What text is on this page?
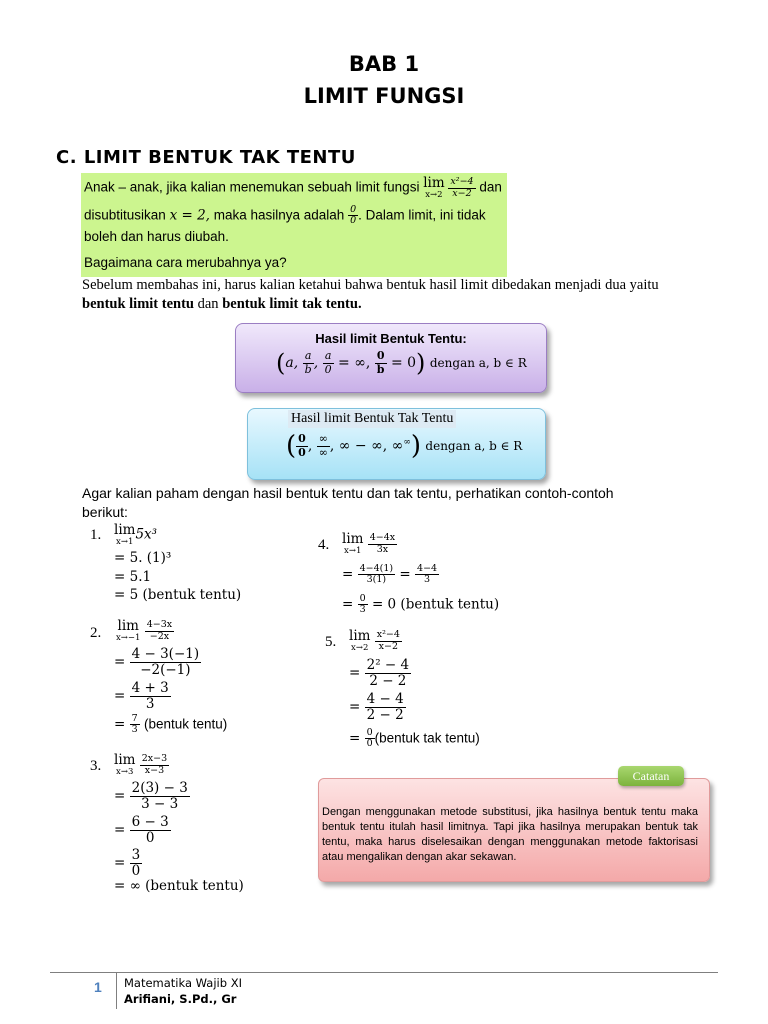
BAB 1
LIMIT FUNGSI
C. LIMIT BENTUK TAK TENTU
Anak – anak, jika kalian menemukan sebuah limit fungsi lim
x→2
$\frac{\text{x²−4}}{x-2}$ dan
disubtitusikan x = 2, maka hasilnya adalah $\frac{0}{0}$ . Dalam limit, ini tidak
boleh dan harus diubah.
Bagaimana cara merubahnya ya?
Sebelum membahas ini, harus kalian ketahui bahwa bentuk hasil limit dibedakan menjadi dua yaitu
bentuk limit tentu dan bentuk limit tak tentu.
Hasil limit Bentuk Tentu:
(a, $\frac{a}{b}$ , $\frac{a}{0}$ = ∞, $\frac{0}{b} = 0$) dengan a, b ∈ R
Hasil limit Bentuk Tak Tentu
( $\frac{0}{0}$ , $\frac{\infty}{\infty}$ , ∞ − ∞, ∞∞) dengan a, b ∈ R
Agar kalian paham dengan hasil bentuk tentu dan tak tentu, perhatikan contoh-contoh
berikut:
1. lim
x→1 5x³
= 5. (1)³
= 5.1
= 5 (bentuk tentu)
2. lim
x→−1
$\frac{4-3x}{-2x}$
= $\frac{4 - 3(-1)}{-2(-1)}$
= $\frac{4 + 3}{3}$
= $\frac{7}{3}$ (bentuk tentu)
3. lim
x→3
$\frac{2x-3}{x-3}$
= $\frac{2(3) - 3}{3 - 3}$
= $\frac{6 - 3}{0}$
= $\frac{3}{0}$
= ∞ (bentuk tentu)
4. lim
x→1
$\frac{4-4x}{3x}$
= $\frac{4-4(1)}{3(1)} = \frac{4-4}{3}$
= $\frac{0}{3} = 0$ (bentuk tentu)
5. lim
x→2
$\frac{\text{x²−4}}{x-2}$
= $\frac{\text{2² − 4}}{2 - 2}$
= $\frac{4 - 4}{2 - 2}$
= $\frac{0}{0}$ (bentuk tak tentu)
Dengan menggunakan metode substitusi, jika hasilnya bentuk tentu maka bentuk tentu itulah hasil limitnya. Tapi jika hasilnya merupakan bentuk tak tentu, maka harus diselesaikan dengan menggunakan metode faktorisasi atau mengalikan dengan akar sekawan.
Catatan
1 Matematika Wajib XI
Arifiani, S.Pd., Gr
